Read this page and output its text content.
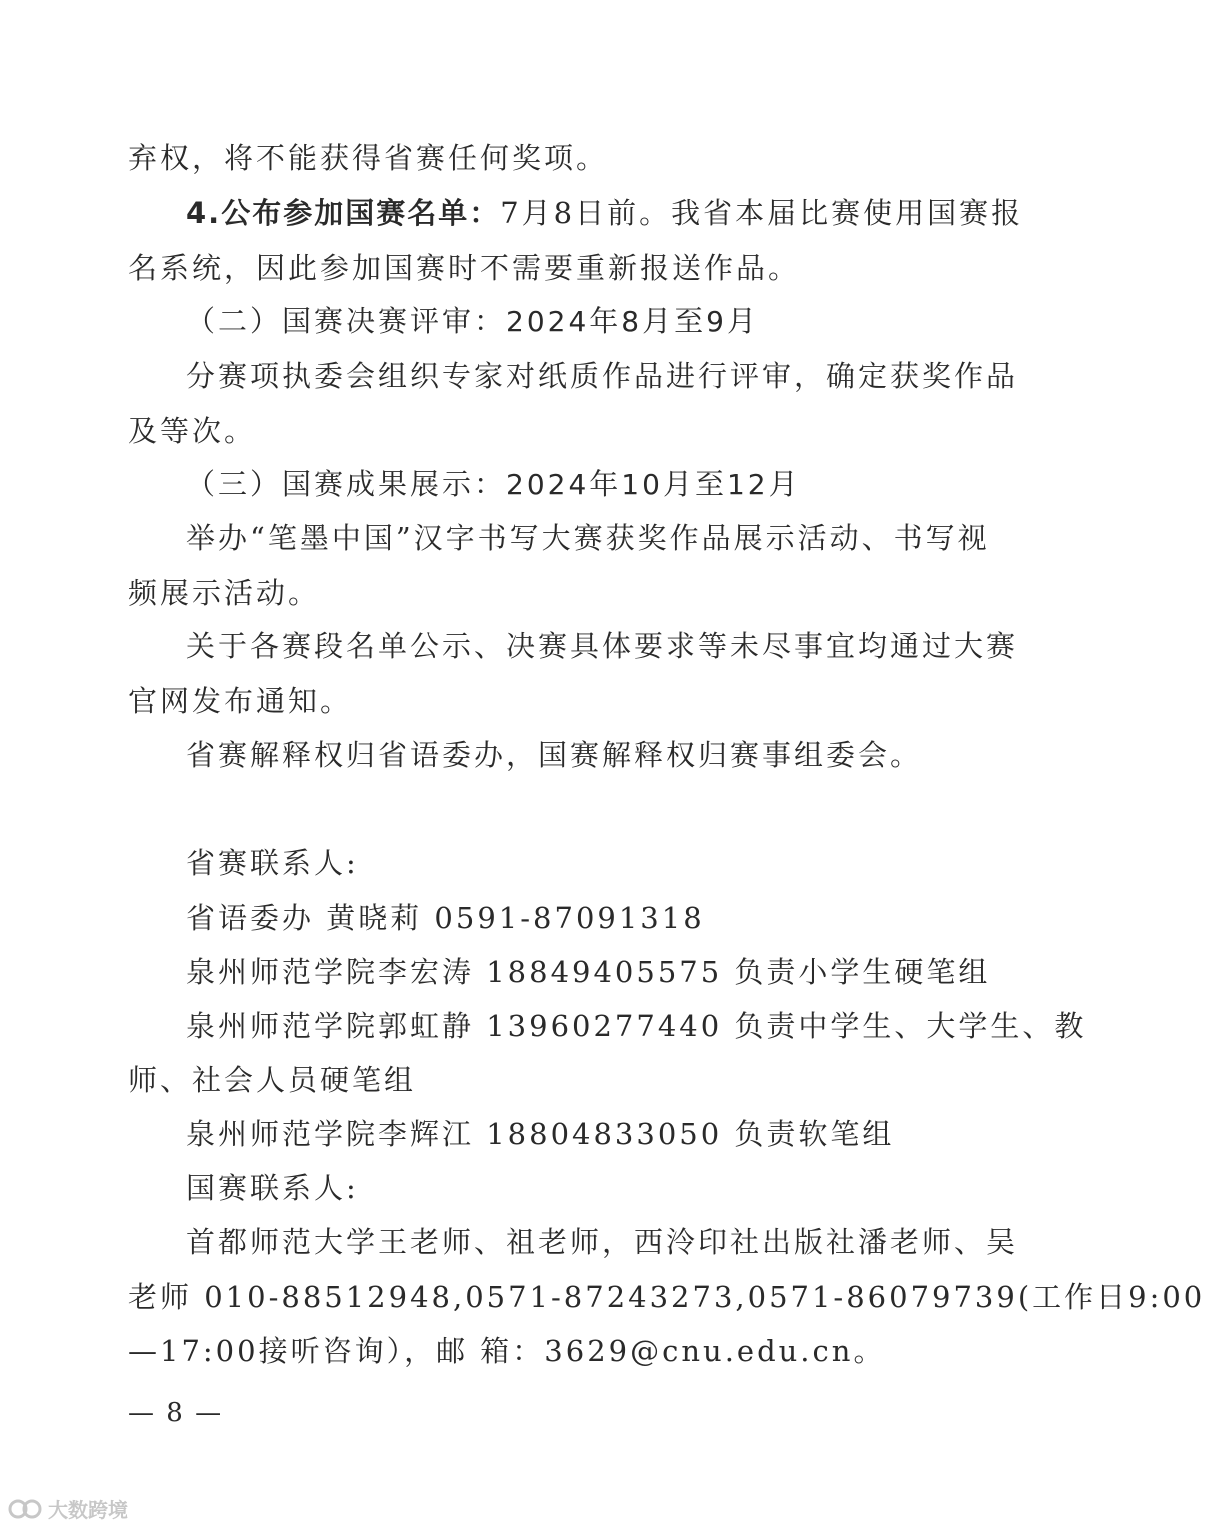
弃权，将不能获得省赛任何奖项。
4.公布参加国赛名单：7月8日前。我省本届比赛使用国赛报
名系统，因此参加国赛时不需要重新报送作品。
（二）国赛决赛评审：2024年8月至9月
分赛项执委会组织专家对纸质作品进行评审，确定获奖作品
及等次。
（三）国赛成果展示：2024年10月至12月
举办“笔墨中国”汉字书写大赛获奖作品展示活动、书写视
频展示活动。
关于各赛段名单公示、决赛具体要求等未尽事宜均通过大赛
官网发布通知。
省赛解释权归省语委办，国赛解释权归赛事组委会。
省赛联系人:
省语委办 黄晓莉 0591-87091318
泉州师范学院李宏涛 18849405575 负责小学生硬笔组
泉州师范学院郭虹静 13960277440 负责中学生、大学生、教
师、社会人员硬笔组
泉州师范学院李辉江 18804833050 负责软笔组
国赛联系人:
首都师范大学王老师、祖老师，西泠印社出版社潘老师、吴
老师 010-88512948,0571-87243273,0571-86079739(工作日9:00
—17:00接听咨询），邮 箱：3629@cnu.edu.cn。
— 8 —
大数跨境
